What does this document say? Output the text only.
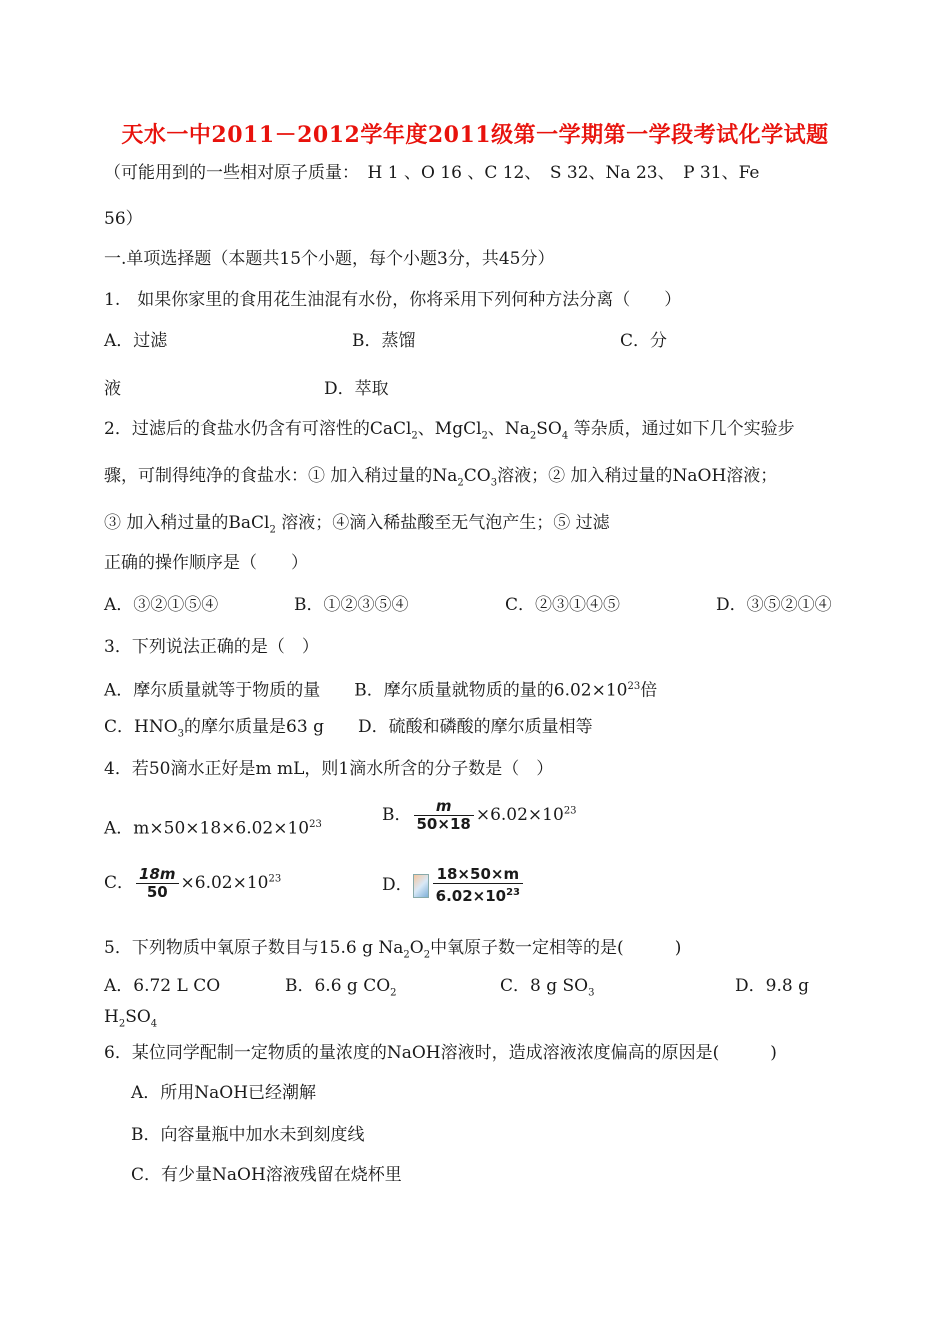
天水一中2011－2012学年度2011级第一学期第一学段考试化学试题
（可能用到的一些相对原子质量：　H 1 、O 16 、C 12、　S 32、Na 23、　P 31、Fe
56）
一.单项选择题（本题共15个小题，每个小题3分，共45分）
1.　如果你家里的食用花生油混有水份，你将采用下列何种方法分离（　　）
A．过滤	B．蒸馏	C．分
液	D．萃取
2．过滤后的食盐水仍含有可溶性的CaCl$_2$、MgCl$_2$、$Na_2SO_4$ 等杂质，通过如下几个实验步
骤，可制得纯净的食盐水：① 加入稍过量的$Na_2CO_3$溶液；② 加入稍过量的NaOH溶液；
③ 加入稍过量的BaCl$_2$ 溶液；④滴入稀盐酸至无气泡产生；⑤ 过滤
正确的操作顺序是（　　）
A．③②①⑤④	B．①②③⑤④	C．②③①④⑤	D．③⑤②①④
3．下列说法正确的是（　）
A．摩尔质量就等于物质的量　　B．摩尔质量就物质的量的$6.02\times 10^{23}$倍
C．$HNO_3$的摩尔质量是63 g　　D．硫酸和磷酸的摩尔质量相等
4．若50滴水正好是m mL，则1滴水所含的分子数是（　）
A．$m\times 50\times 18\times 6.02\times 10^{23}$	B． $\frac{m}{50\times 18} \times 6.02\times 10^{23}$
C． $\frac{18m}{50} \times 6.02\times 10^{23}$	D． $\frac{18\times 50\times m}{6.02\times 10^{23}}$
5．下列物质中氧原子数目与15.6 g $Na_2O_2$中氧原子数一定相等的是(　　　)
A．6.72 L CO	B．6.6 g $CO_2$	C．8 g $SO_3$	D．9.8 g
$H_2SO_4$
6．某位同学配制一定物质的量浓度的NaOH溶液时，造成溶液浓度偏高的原因是(　　　)
A．所用NaOH已经潮解
B．向容量瓶中加水未到刻度线
C．有少量NaOH溶液残留在烧杯里
